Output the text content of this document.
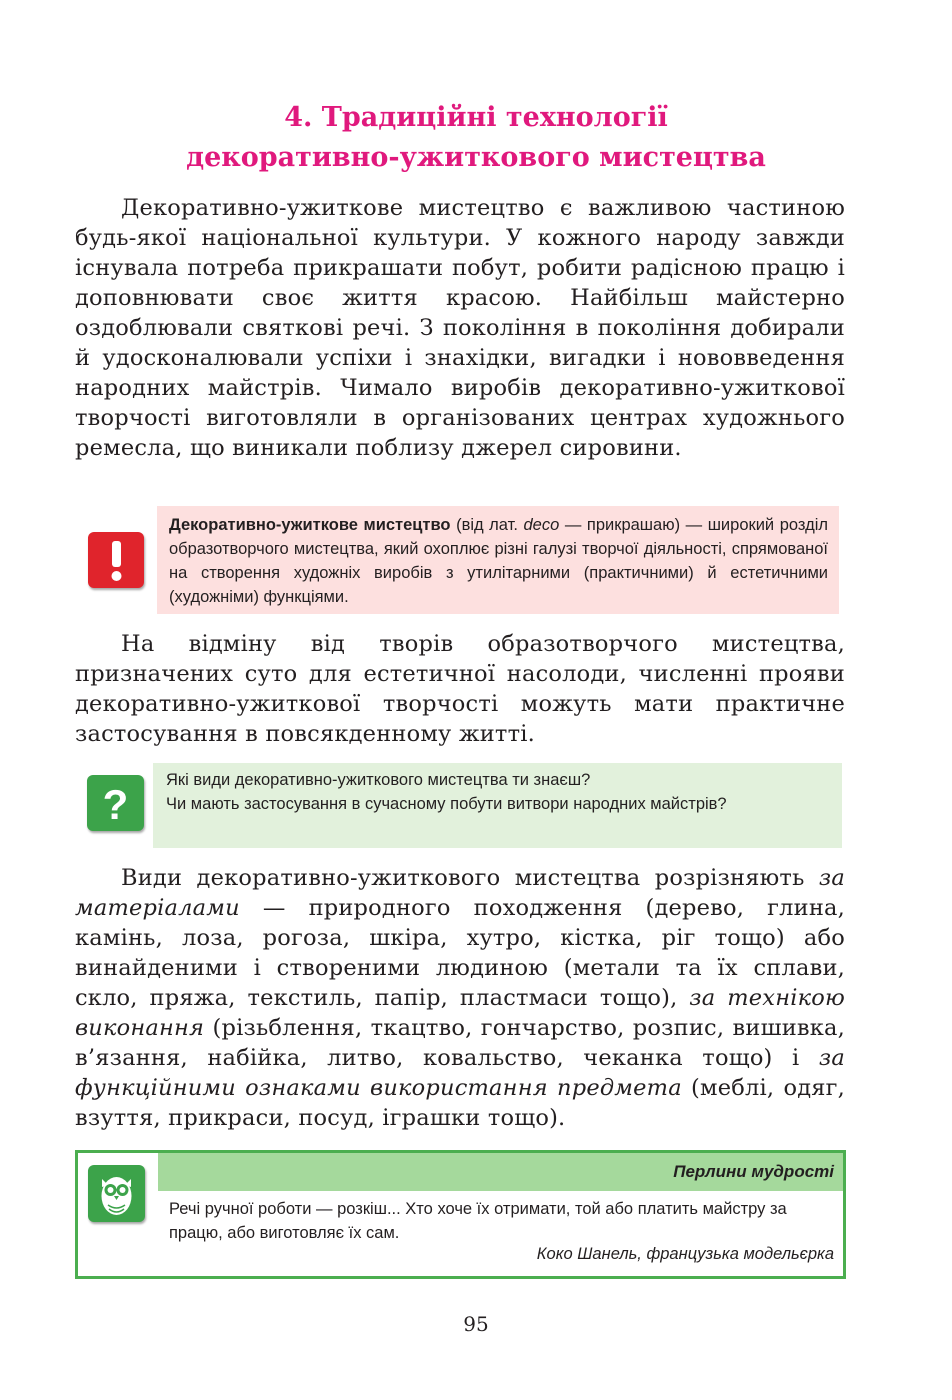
4. Традиційні технології
декоративно-ужиткового мистецтва

Декоративно-ужиткове мистецтво є важливою частиною будь-якої національної культури. У кожного народу завжди існувала потреба прикрашати побут, робити радісною працю і доповнювати своє життя красою. Найбільш майстерно оздоблювали святкові речі. З покоління в покоління добирали й удосконалювали успіхи і знахідки, вигадки і нововведення народних майстрів. Чимало виробів декоративно-ужиткової творчості виготовляли в організованих центрах художнього ремесла, що виникали поблизу джерел сировини.

Декоративно-ужиткове мистецтво (від лат. deco — прикрашаю) — широкий розділ образотворчого мистецтва, який охоплює різні галузі творчої діяльності, спрямованої на створення художніх виробів з утилітарними (практичними) й естетичними (художніми) функціями.

На відміну від творів образотворчого мистецтва, призначених суто для естетичної насолоди, численні прояви декоративно-ужиткової творчості можуть мати практичне застосування в повсякденному житті.

?
Які види декоративно-ужиткового мистецтва ти знаєш?
Чи мають застосування в сучасному побути витвори народних майстрів?

Види декоративно-ужиткового мистецтва розрізняють за матеріалами — природного походження (дерево, глина, камінь, лоза, рогоза, шкіра, хутро, кістка, ріг тощо) або винайденими і створеними людиною (метали та їх сплави, скло, пряжа, текстиль, папір, пластмаси тощо), за технікою виконання (різьблення, ткацтво, гончарство, розпис, вишивка, в’язання, набійка, литво, ковальство, чеканка тощо) і за функційними ознаками використання предмета (меблі, одяг, взуття, прикраси, посуд, іграшки тощо).

Перлини мудрості
Речі ручної роботи — розкіш... Хто хоче їх отримати, той або платить майстру за працю, або виготовляє їх сам.
Коко Шанель, французька модельєрка
95
